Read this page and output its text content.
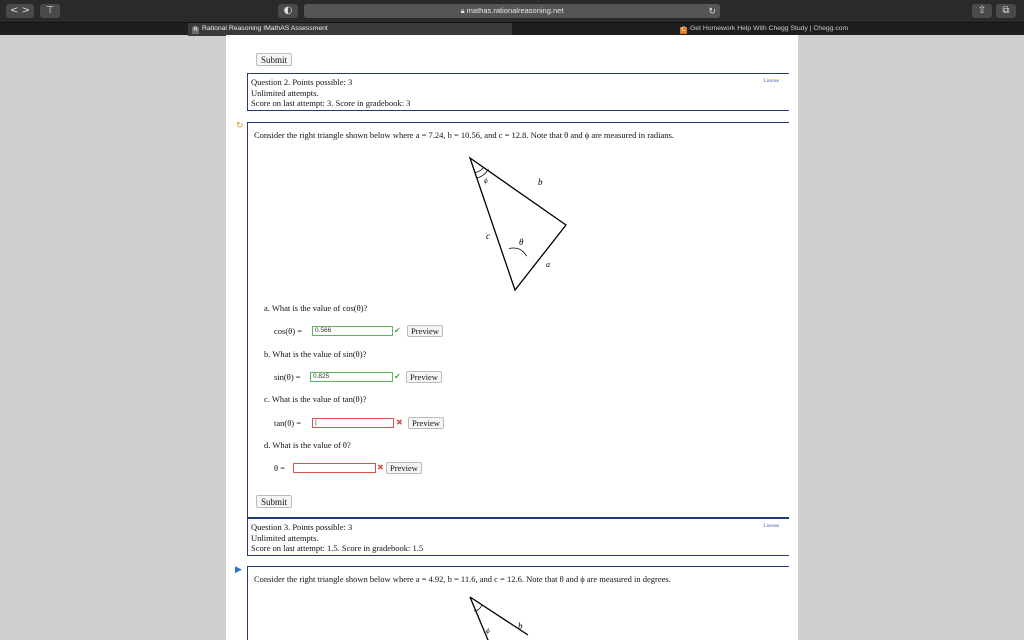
< >	⊤	◐	🔒︎ mathas.rationalreasoning.net	↻	⇧	⧉
R Rational Reasoning IMathAS Assessment	C Get Homework Help With Chegg Study | Chegg.com
Submit
Question 2. Points possible: 3
Unlimited attempts.
Score on last attempt: 3. Score in gradebook: 3
License
↻
Consider the right triangle shown below where a = 7.24, b = 10.56, and c = 12.8. Note that θ and ϕ are measured in radians.
b
c
a
θ
ϕ
a. What is the value of cos(θ)?
cos(θ) =	0.566	✔	Preview
b. What is the value of sin(θ)?
sin(θ) =	0.825	✔	Preview
c. What is the value of tan(θ)?
tan(θ) =	|	✖	Preview
d. What is the value of θ?
θ =	✖ Preview
Submit
Question 3. Points possible: 3
Unlimited attempts.
Score on last attempt: 1.5. Score in gradebook: 1.5
License
▶
Consider the right triangle shown below where a = 4.92, b = 11.6, and c = 12.6. Note that θ and ϕ are measured in degrees.
b
ϕ
